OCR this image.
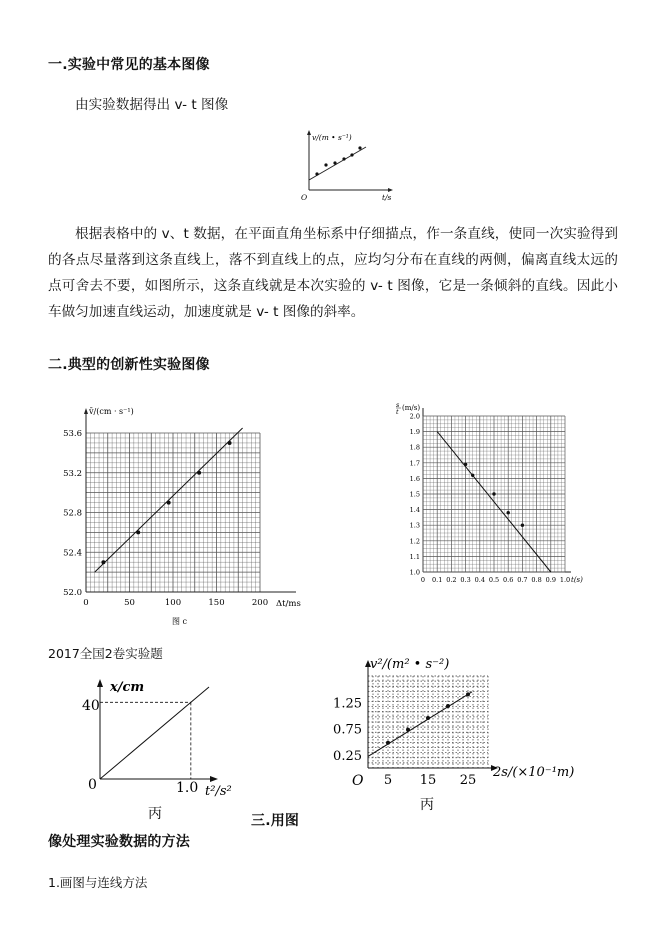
一.实验中常见的基本图像
由实验数据得出 v- t 图像
v/(m • s⁻¹)
t/s
O
根据表格中的 v、t 数据，在平面直角坐标系中仔细描点，作一条直线，使同一次实验得到的各点尽量落到这条直线上，落不到直线上的点，应均匀分布在直线的两侧，偏离直线太远的点可舍去不要，如图所示，这条直线就是本次实验的 v- t 图像，它是一条倾斜的直线。因此小车做匀加速直线运动，加速度就是 v- t 图像的斜率。
二.典型的创新性实验图像
0	50	100	150	200
52.0
52.4
52.8
53.2
53.6
v̄/(cm · s⁻¹)
Δt/ms
图 c
0 0.1 0.2 0.3 0.4 0.5 0.6 0.7 0.8 0.9 1.0
1.0
1.1
1.2
1.3
1.4
1.5
1.6
1.7
1.8
1.9
2.0
s
t (m/s)
t(s)
2017全国2卷实验题
x/cm
40
0	1.0 t²/s²
丙
5 15 25
0.25
0.75
1.25
v²/(m² • s⁻²)
2s/(×10⁻¹m)
O
丙
三.用图
像处理实验数据的方法
1.画图与连线方法
